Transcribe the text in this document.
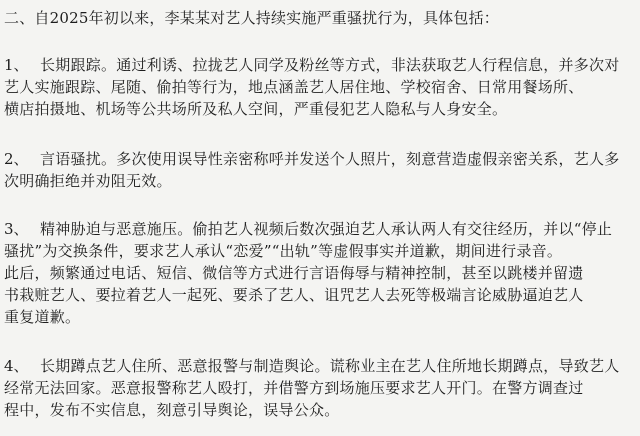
二、自2025年初以来，李某某对艺人持续实施严重骚扰行为，具体包括：
1、 长期跟踪。通过利诱、拉拢艺人同学及粉丝等方式，非法获取艺人行程信息，并多次对
艺人实施跟踪、尾随、偷拍等行为，地点涵盖艺人居住地、学校宿舍、日常用餐场所、
横店拍摄地、机场等公共场所及私人空间，严重侵犯艺人隐私与人身安全。
2、 言语骚扰。多次使用误导性亲密称呼并发送个人照片，刻意营造虚假亲密关系，艺人多
次明确拒绝并劝阻无效。
3、 精神胁迫与恶意施压。偷拍艺人视频后数次强迫艺人承认两人有交往经历，并以“停止
骚扰”为交换条件，要求艺人承认“恋爱”“出轨”等虚假事实并道歉，期间进行录音。
此后，频繁通过电话、短信、微信等方式进行言语侮辱与精神控制，甚至以跳楼并留遗
书栽赃艺人、要拉着艺人一起死、要杀了艺人、诅咒艺人去死等极端言论威胁逼迫艺人
重复道歉。
4、 长期蹲点艺人住所、恶意报警与制造舆论。谎称业主在艺人住所地长期蹲点，导致艺人
经常无法回家。恶意报警称艺人殴打，并借警方到场施压要求艺人开门。在警方调查过
程中，发布不实信息，刻意引导舆论，误导公众。
